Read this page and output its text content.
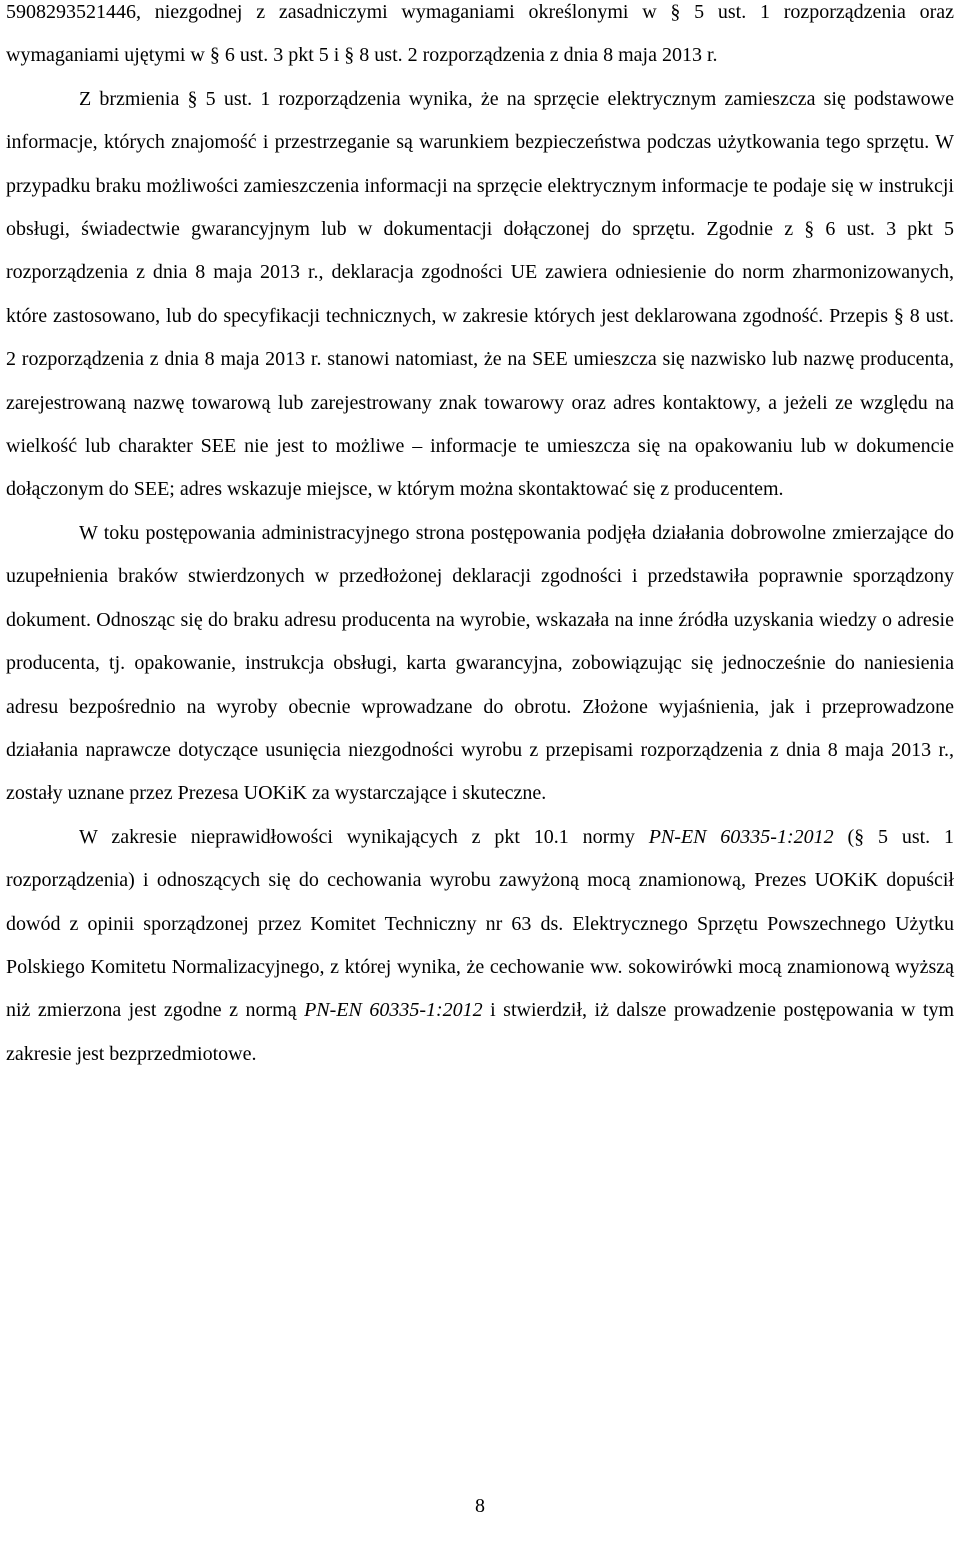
5908293521446, niezgodnej z zasadniczymi wymaganiami określonymi w § 5 ust. 1 rozporządzenia oraz wymaganiami ujętymi w § 6 ust. 3 pkt 5 i § 8 ust. 2 rozporządzenia z dnia 8 maja 2013 r.

Z brzmienia § 5 ust. 1 rozporządzenia wynika, że na sprzęcie elektrycznym zamieszcza się podstawowe informacje, których znajomość i przestrzeganie są warunkiem bezpieczeństwa podczas użytkowania tego sprzętu. W przypadku braku możliwości zamieszczenia informacji na sprzęcie elektrycznym informacje te podaje się w instrukcji obsługi, świadectwie gwarancyjnym lub w dokumentacji dołączonej do sprzętu. Zgodnie z § 6 ust. 3 pkt 5 rozporządzenia z dnia 8 maja 2013 r., deklaracja zgodności UE zawiera odniesienie do norm zharmonizowanych, które zastosowano, lub do specyfikacji technicznych, w zakresie których jest deklarowana zgodność. Przepis § 8 ust. 2 rozporządzenia z dnia 8 maja 2013 r. stanowi natomiast, że na SEE umieszcza się nazwisko lub nazwę producenta, zarejestrowaną nazwę towarową lub zarejestrowany znak towarowy oraz adres kontaktowy, a jeżeli ze względu na wielkość lub charakter SEE nie jest to możliwe – informacje te umieszcza się na opakowaniu lub w dokumencie dołączonym do SEE; adres wskazuje miejsce, w którym można skontaktować się z producentem.

W toku postępowania administracyjnego strona postępowania podjęła działania dobrowolne zmierzające do uzupełnienia braków stwierdzonych w przedłożonej deklaracji zgodności i przedstawiła poprawnie sporządzony dokument. Odnosząc się do braku adresu producenta na wyrobie, wskazała na inne źródła uzyskania wiedzy o adresie producenta, tj. opakowanie, instrukcja obsługi, karta gwarancyjna, zobowiązując się jednocześnie do naniesienia adresu bezpośrednio na wyroby obecnie wprowadzane do obrotu. Złożone wyjaśnienia, jak i przeprowadzone działania naprawcze dotyczące usunięcia niezgodności wyrobu z przepisami rozporządzenia z dnia 8 maja 2013 r., zostały uznane przez Prezesa UOKiK za wystarczające i skuteczne.

W zakresie nieprawidłowości wynikających z pkt 10.1 normy PN-EN 60335-1:2012 (§ 5 ust. 1 rozporządzenia) i odnoszących się do cechowania wyrobu zawyżoną mocą znamionową, Prezes UOKiK dopuścił dowód z opinii sporządzonej przez Komitet Techniczny nr 63 ds. Elektrycznego Sprzętu Powszechnego Użytku Polskiego Komitetu Normalizacyjnego, z której wynika, że cechowanie ww. sokowirówki mocą znamionową wyższą niż zmierzona jest zgodne z normą PN-EN 60335-1:2012 i stwierdził, iż dalsze prowadzenie postępowania w tym zakresie jest bezprzedmiotowe.

8
